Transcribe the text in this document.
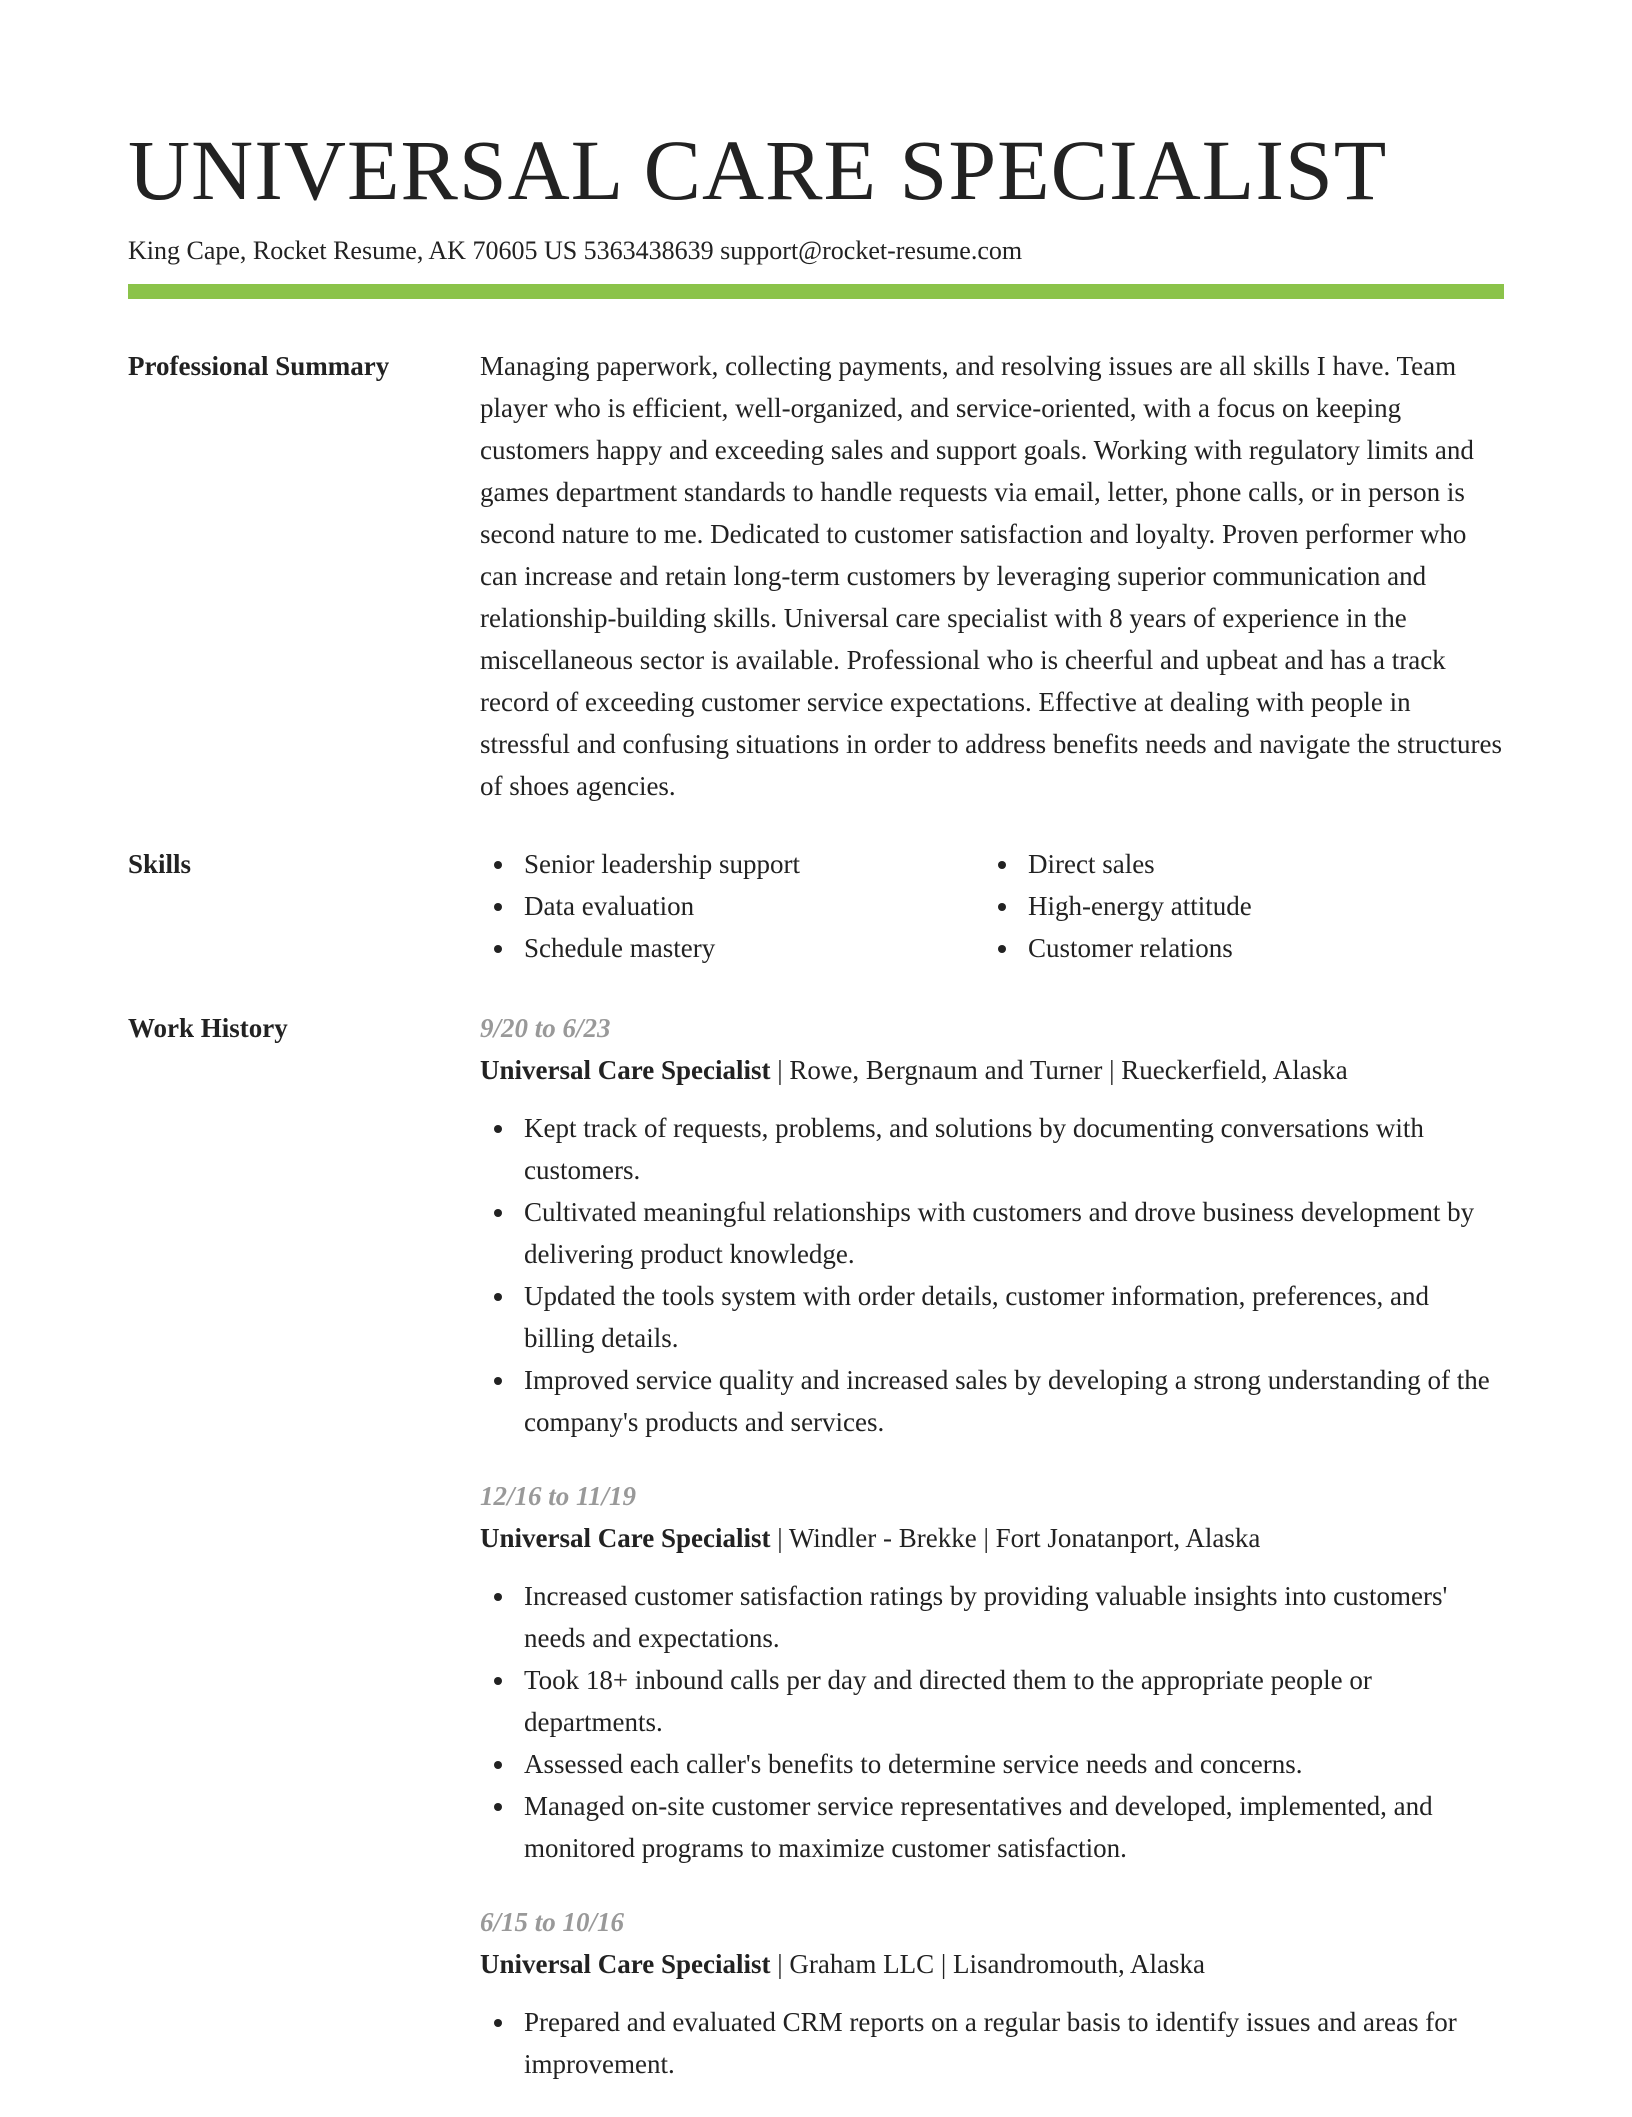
UNIVERSAL CARE SPECIALIST
King Cape, Rocket Resume, AK 70605 US 5363438639 support@rocket-resume.com
Professional Summary	Managing paperwork, collecting payments, and resolving issues are all skills I have. Team player who is efficient, well-organized, and service-oriented, with a focus on keeping customers happy and exceeding sales and support goals. Working with regulatory limits and games department standards to handle requests via email, letter, phone calls, or in person is second nature to me. Dedicated to customer satisfaction and loyalty. Proven performer who can increase and retain long-term customers by leveraging superior communication and relationship-building skills. Universal care specialist with 8 years of experience in the miscellaneous sector is available. Professional who is cheerful and upbeat and has a track record of exceeding customer service expectations. Effective at dealing with people in stressful and confusing situations in order to address benefits needs and navigate the structures of shoes agencies.

Skills	Senior leadership support
Data evaluation
Schedule mastery
Direct sales
High-energy attitude
Customer relations
Work History	9/20 to 6/23
Universal Care Specialist | Rowe, Bergnaum and Turner | Rueckerfield, Alaska
Kept track of requests, problems, and solutions by documenting conversations with customers.
Cultivated meaningful relationships with customers and drove business development by delivering product knowledge.
Updated the tools system with order details, customer information, preferences, and billing details.
Improved service quality and increased sales by developing a strong understanding of the company's products and services.
12/16 to 11/19
Universal Care Specialist | Windler - Brekke | Fort Jonatanport, Alaska
Increased customer satisfaction ratings by providing valuable insights into customers' needs and expectations.
Took 18+ inbound calls per day and directed them to the appropriate people or departments.
Assessed each caller's benefits to determine service needs and concerns.
Managed on-site customer service representatives and developed, implemented, and monitored programs to maximize customer satisfaction.
6/15 to 10/16
Universal Care Specialist | Graham LLC | Lisandromouth, Alaska
Prepared and evaluated CRM reports on a regular basis to identify issues and areas for improvement.
